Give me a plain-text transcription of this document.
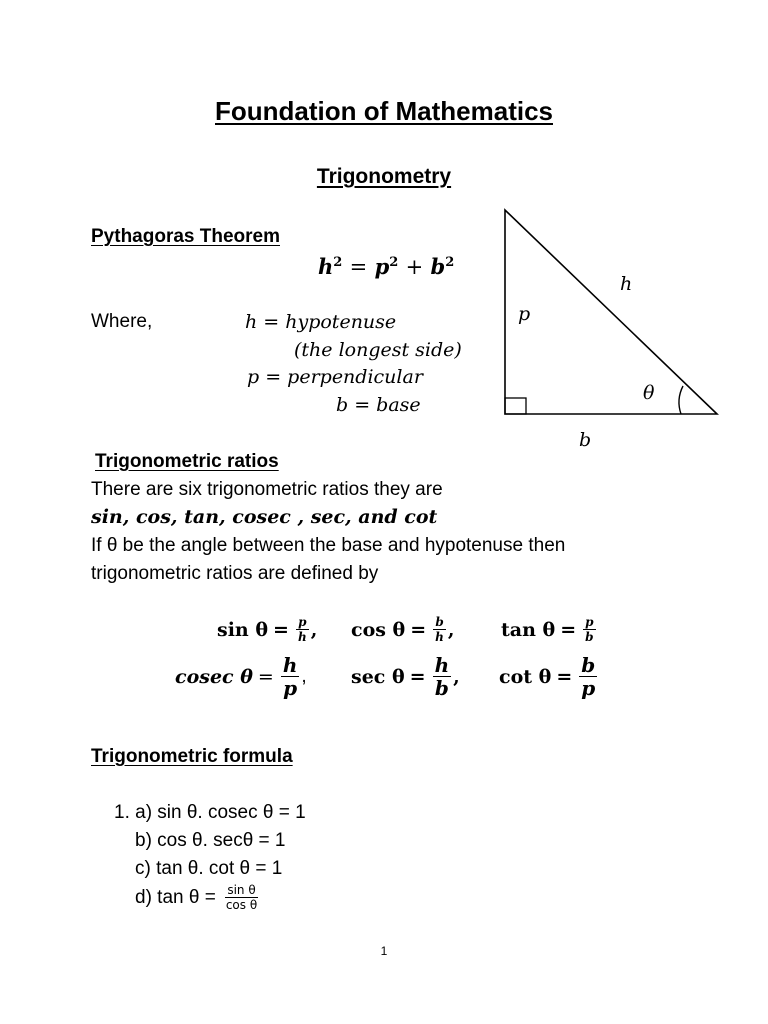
Foundation of Mathematics
Trigonometry
Pythagoras Theorem
$h^2 = p^2 + b^2$
Where,	h = hypotenuse
(the longest side)
p = perpendicular
b = base
h
p
θ
b
Trigonometric ratios
There are six trigonometric ratios they are
sin, cos, tan, cosec , sec, and cot
If θ be the angle between the base and hypotenuse then
trigonometric ratios are defined by
$\sin \theta = \frac{p}{h}$ , $\cos \theta = \frac{b}{h}$ , $\tan \theta = \frac{p}{b}$
cosec $\theta = \frac{h}{p}$ , $\sec \theta = \frac{h}{b}$ , $\cot \theta = \frac{b}{p}$
Trigonometric formula
1. a) sin θ. cosec θ = 1
b) cos θ. secθ = 1
c) tan θ. cot θ = 1
d) $\tan \theta = \frac{\text{sin θ}}{\text{cos θ}}$
1
